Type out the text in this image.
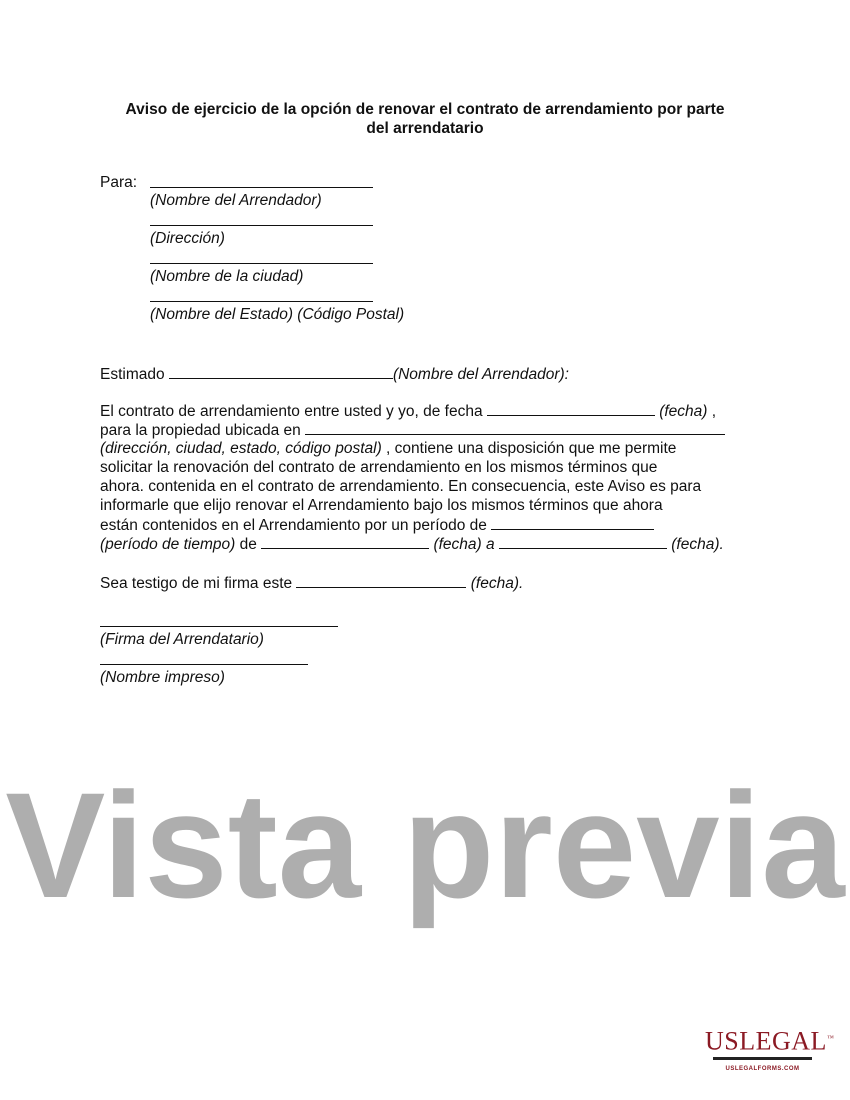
Aviso de ejercicio de la opción de renovar el contrato de arrendamiento por parte
del arrendatario
Para:
(Nombre del Arrendador)
(Dirección)
(Nombre de la ciudad)
(Nombre del Estado) (Código Postal)
Estimado	(Nombre del Arrendador):
El contrato de arrendamiento entre usted y yo, de fecha	(fecha) ,
para la propiedad ubicada en
(dirección, ciudad, estado, código postal) , contiene una disposición que me permite
solicitar la renovación del contrato de arrendamiento en los mismos términos que
ahora. contenida en el contrato de arrendamiento. En consecuencia, este Aviso es para
informarle que elijo renovar el Arrendamiento bajo los mismos términos que ahora
están contenidos en el Arrendamiento por un período de
(período de tiempo) de	(fecha) a	(fecha).
Sea testigo de mi firma este	(fecha).
(Firma del Arrendatario)
(Nombre impreso)
Vista previa
USLEGAL™
USLEGALFORMS.COM
